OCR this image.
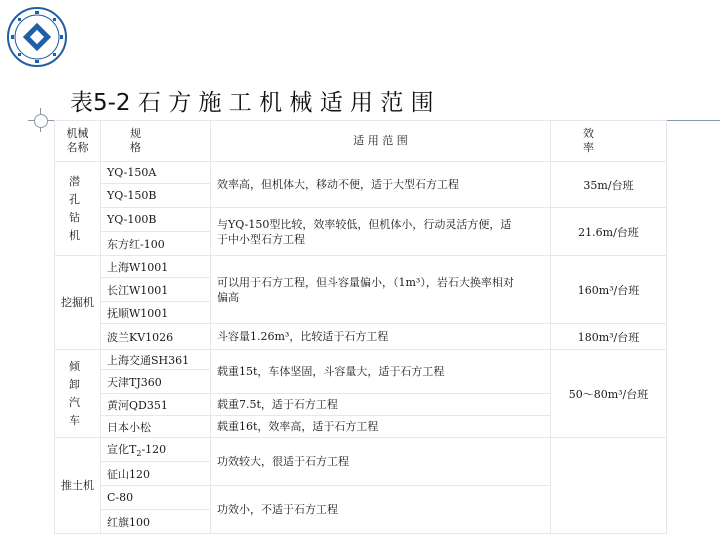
表5-2 石 方 施 工 机 械 适 用 范 围
机械名称	规 格	适 用 范 围	效 率
潜 孔 钻 机	YQ-150A	效率高，但机体大，移动不便，适于大型石方工程	35m/台班
	YQ-150B		
	YQ-100B	与YQ-150型比较，效率较低，但机体小，行动灵活方便，适于中小型石方工程	21.6m/台班
	东方红-100		
挖掘机	上海W1001	可以用于石方工程，但斗容量偏小，（1m³），岩石大换率相对偏高	160m³/台班
	长江W1001		
	抚顺W1001		
	波兰KV1026	斗容量1.26m³，比较适于石方工程	180m³/台班
倾 卸 汽 车	上海交通SH361	载重15t，车体坚固，斗容量大，适于石方工程	50～80m³/台班
	天津TJ360		
	黄河QD351	载重7.5t，适于石方工程	
	日本小松	载重16t，效率高，适于石方工程	
推土机	宣化$T_2-120$	功效较大，很适于石方工程	
	征山120		
	C-80	功效小，不适于石方工程	
	红旗100		
